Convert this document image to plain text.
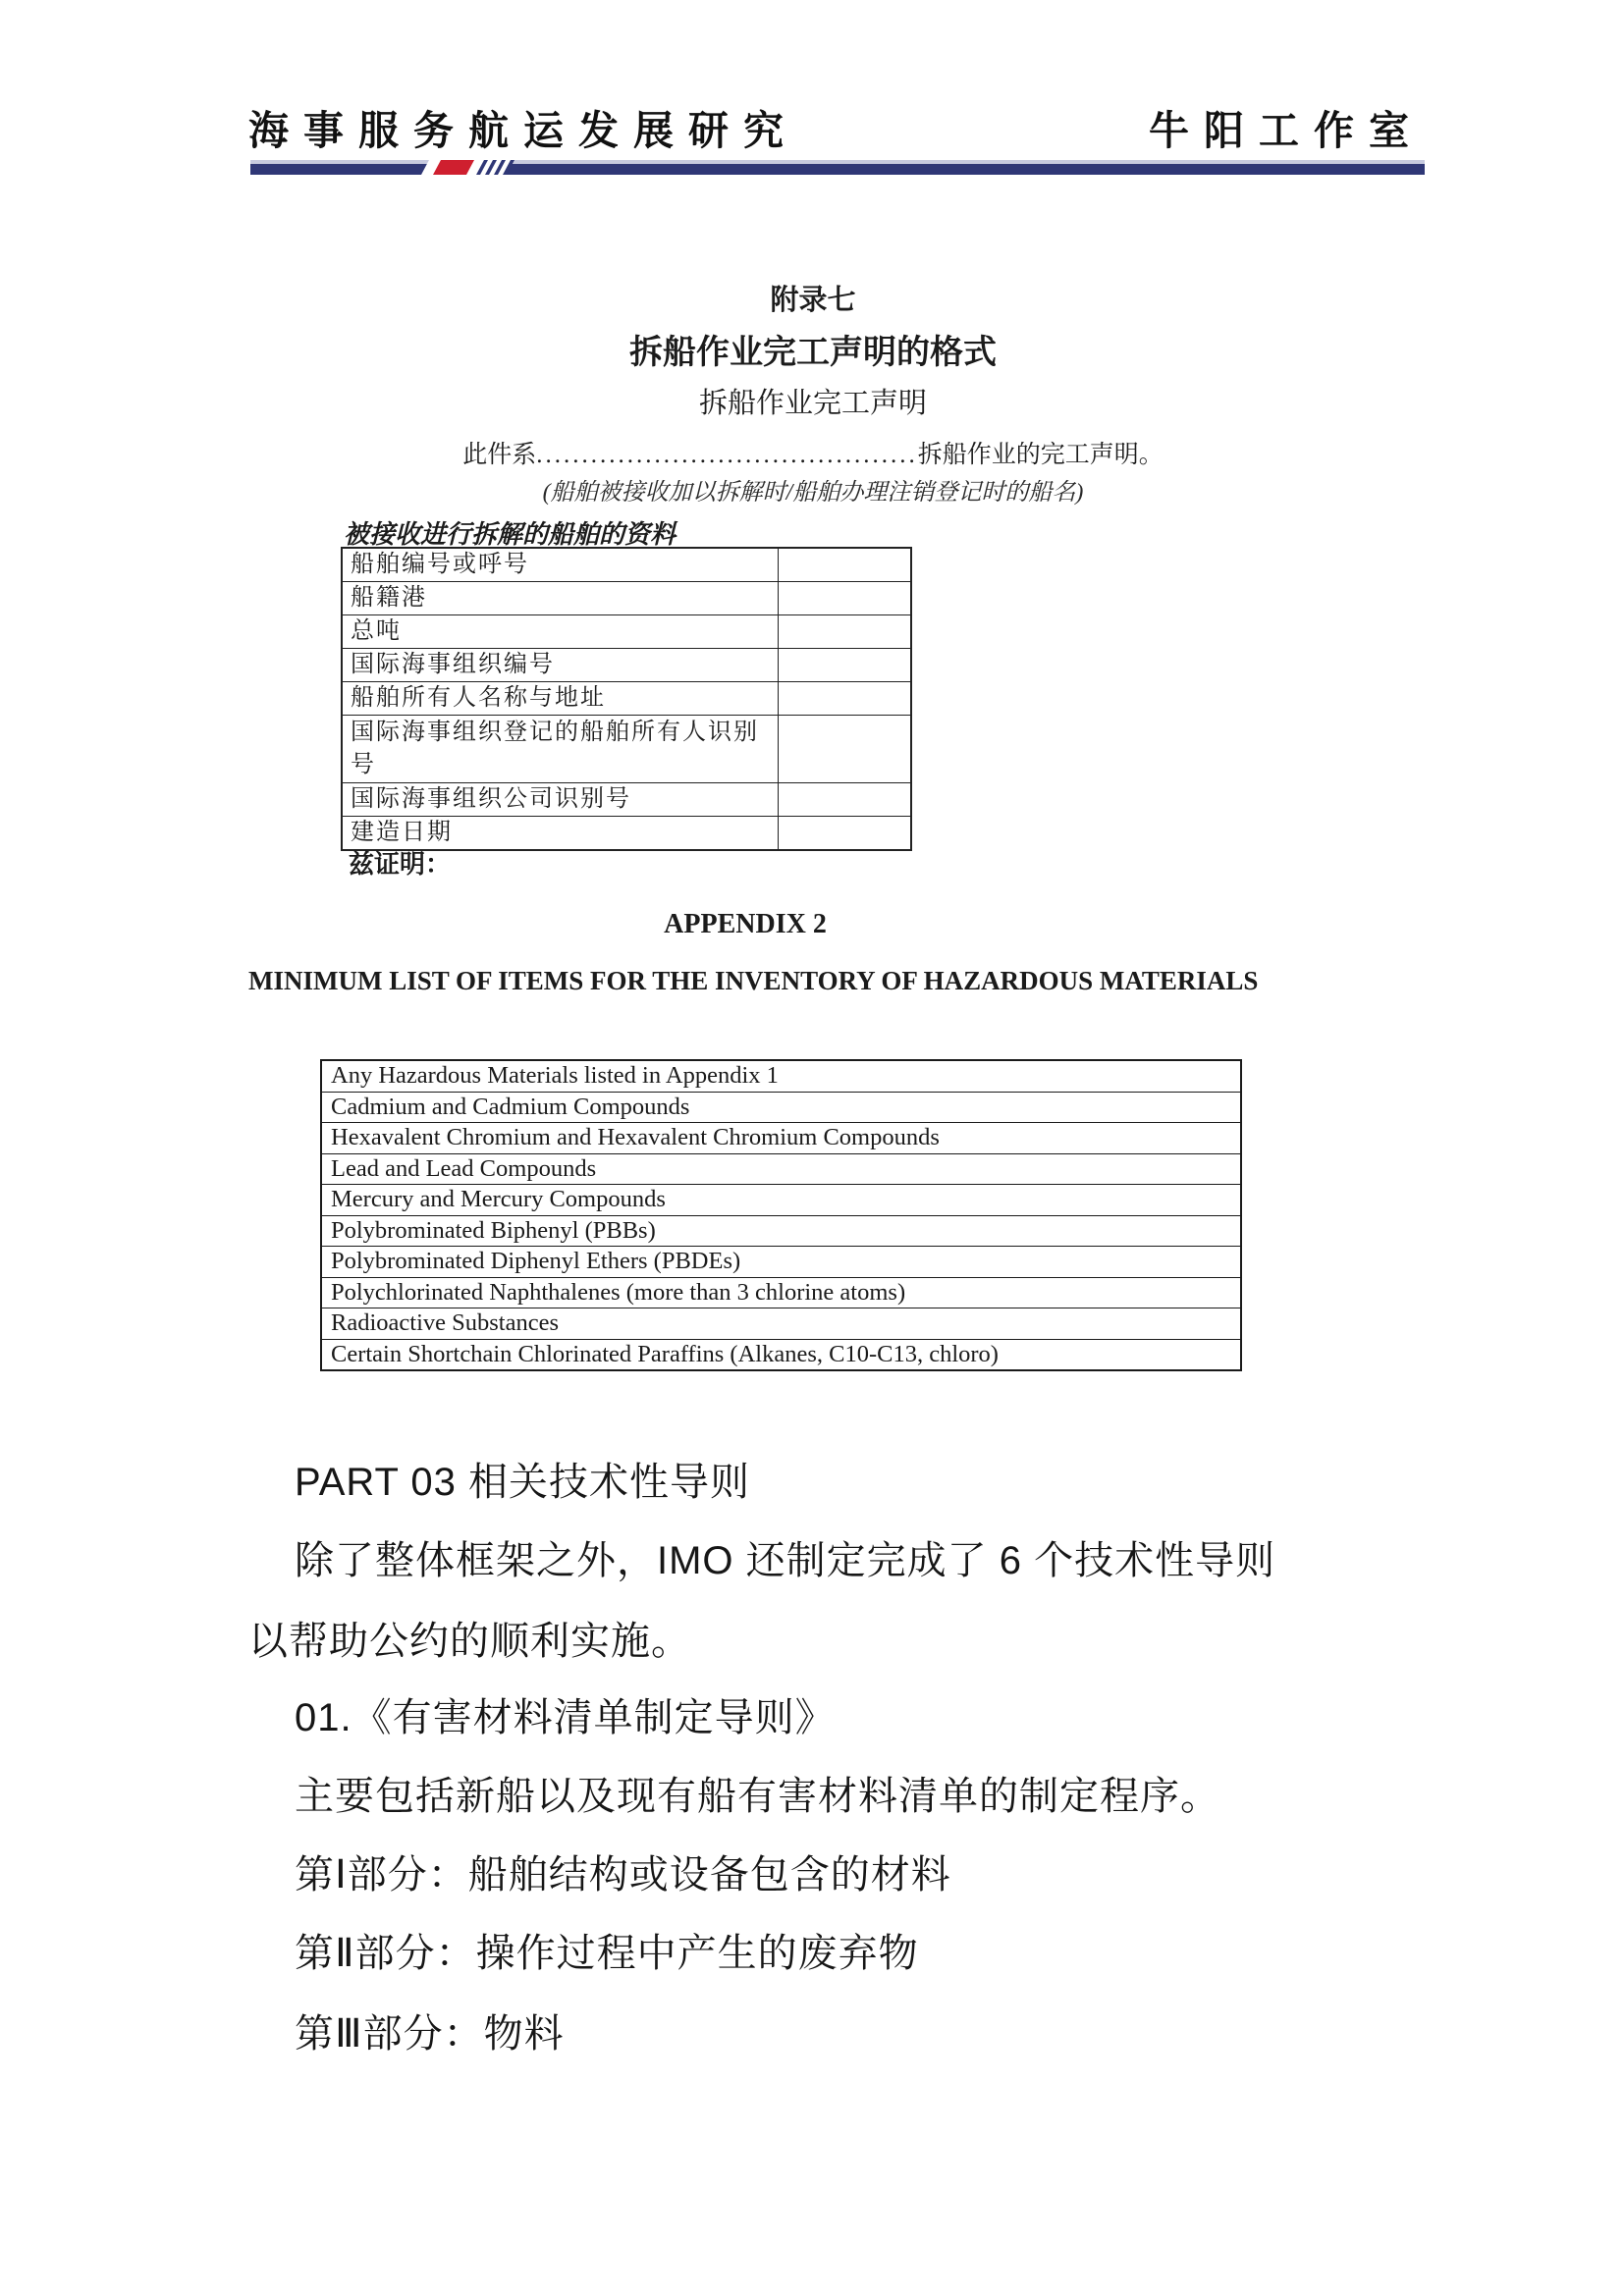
海事服务航运发展研究	牛阳工作室
附录七
拆船作业完工声明的格式
拆船作业完工声明
此件系..........................................拆船作业的完工声明。
(船舶被接收加以拆解时/船舶办理注销登记时的船名)
被接收进行拆解的船舶的资料
船舶编号或呼号	
船籍港	
总吨	
国际海事组织编号	
船舶所有人名称与地址	
国际海事组织登记的船舶所有人识别号	
国际海事组织公司识别号	
建造日期	
兹证明：
APPENDIX 2
MINIMUM LIST OF ITEMS FOR THE INVENTORY OF HAZARDOUS MATERIALS
Any Hazardous Materials listed in Appendix 1
Cadmium and Cadmium Compounds
Hexavalent Chromium and Hexavalent Chromium Compounds
Lead and Lead Compounds
Mercury and Mercury Compounds
Polybrominated Biphenyl (PBBs)
Polybrominated Diphenyl Ethers (PBDEs)
Polychlorinated Naphthalenes (more than 3 chlorine atoms)
Radioactive Substances
Certain Shortchain Chlorinated Paraffins (Alkanes, C10-C13, chloro)
PART 03 相关技术性导则
除了整体框架之外，IMO 还制定完成了 6 个技术性导则
以帮助公约的顺利实施。
01.《有害材料清单制定导则》
主要包括新船以及现有船有害材料清单的制定程序。
第Ⅰ部分：船舶结构或设备包含的材料
第Ⅱ部分：操作过程中产生的废弃物
第Ⅲ部分：物料
